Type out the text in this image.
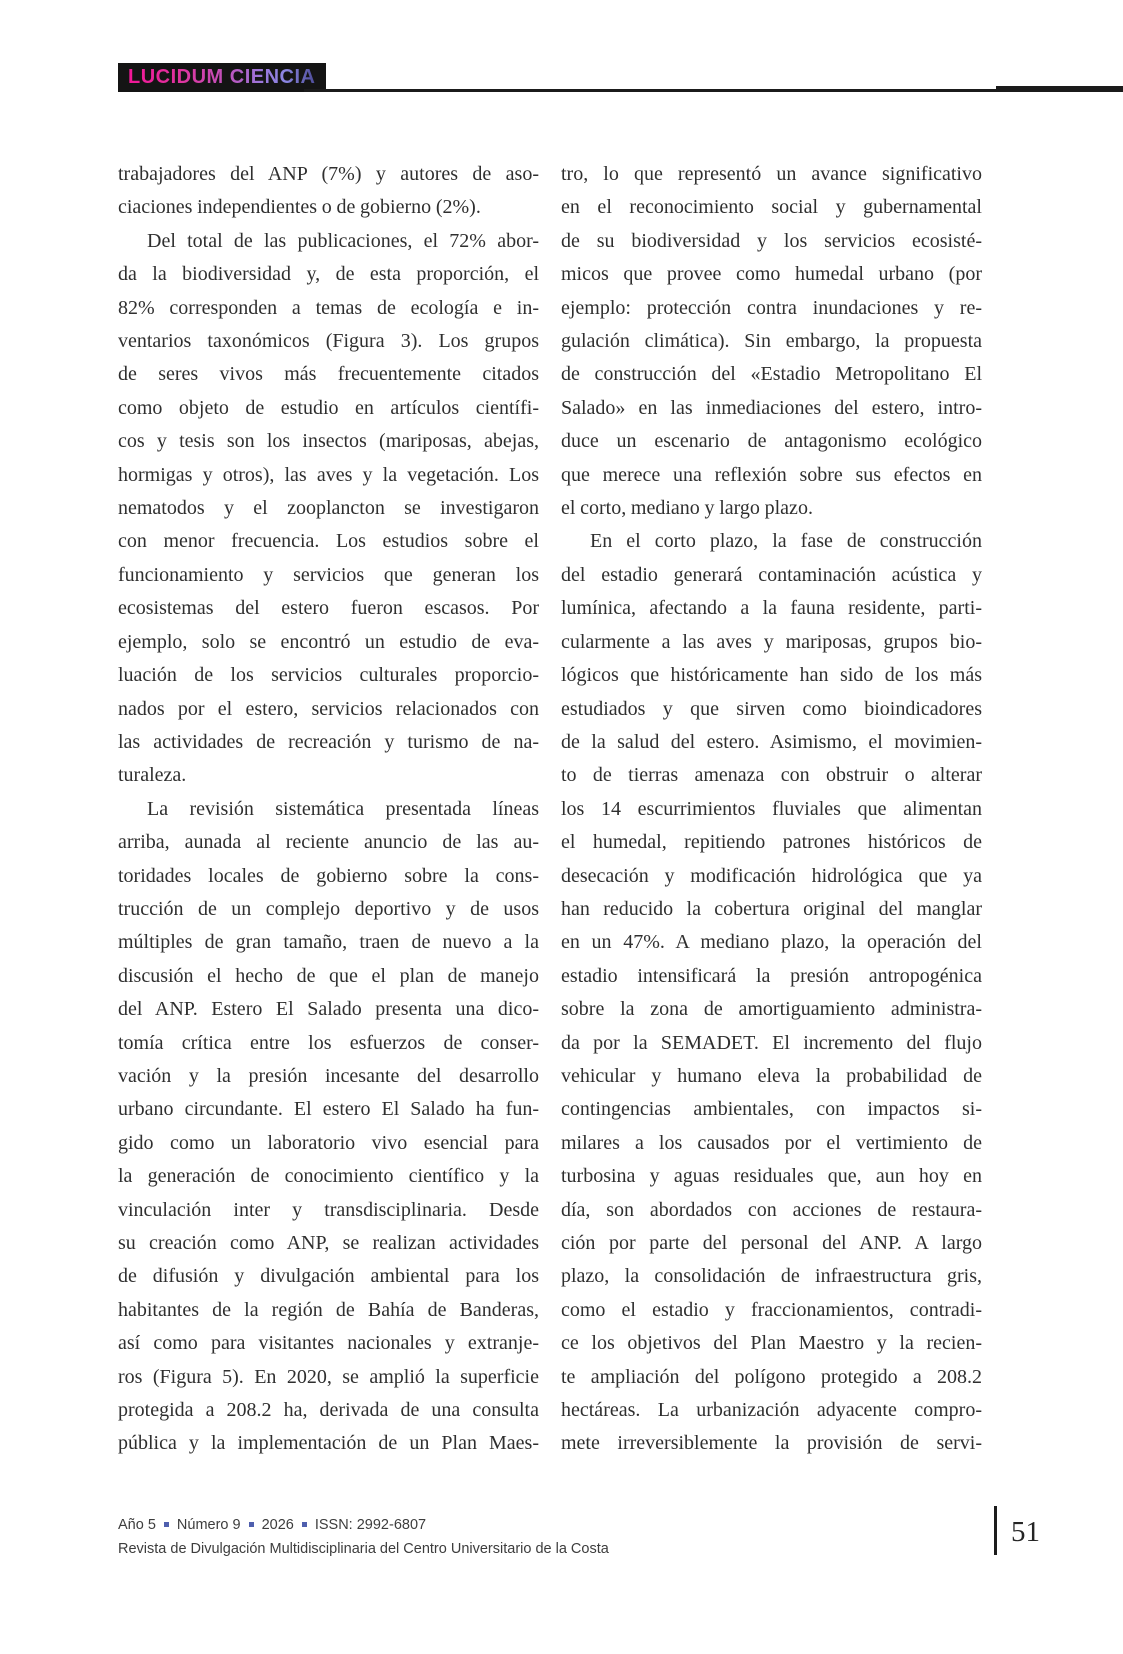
LUCIDUM CIENCIA
trabajadores del ANP (7%) y autores de aso-
ciaciones independientes o de gobierno (2%).
Del total de las publicaciones, el 72% abor-
da la biodiversidad y, de esta proporción, el
82% corresponden a temas de ecología e in-
ventarios taxonómicos (Figura 3). Los grupos
de seres vivos más frecuentemente citados
como objeto de estudio en artículos científi-
cos y tesis son los insectos (mariposas, abejas,
hormigas y otros), las aves y la vegetación. Los
nematodos y el zooplancton se investigaron
con menor frecuencia. Los estudios sobre el
funcionamiento y servicios que generan los
ecosistemas del estero fueron escasos. Por
ejemplo, solo se encontró un estudio de eva-
luación de los servicios culturales proporcio-
nados por el estero, servicios relacionados con
las actividades de recreación y turismo de na-
turaleza.
La revisión sistemática presentada líneas
arriba, aunada al reciente anuncio de las au-
toridades locales de gobierno sobre la cons-
trucción de un complejo deportivo y de usos
múltiples de gran tamaño, traen de nuevo a la
discusión el hecho de que el plan de manejo
del ANP. Estero El Salado presenta una dico-
tomía crítica entre los esfuerzos de conser-
vación y la presión incesante del desarrollo
urbano circundante. El estero El Salado ha fun-
gido como un laboratorio vivo esencial para
la generación de conocimiento científico y la
vinculación inter y transdisciplinaria. Desde
su creación como ANP, se realizan actividades
de difusión y divulgación ambiental para los
habitantes de la región de Bahía de Banderas,
así como para visitantes nacionales y extranje-
ros (Figura 5). En 2020, se amplió la superficie
protegida a 208.2 ha, derivada de una consulta
pública y la implementación de un Plan Maes-
tro, lo que representó un avance significativo
en el reconocimiento social y gubernamental
de su biodiversidad y los servicios ecosisté-
micos que provee como humedal urbano (por
ejemplo: protección contra inundaciones y re-
gulación climática). Sin embargo, la propuesta
de construcción del «Estadio Metropolitano El
Salado» en las inmediaciones del estero, intro-
duce un escenario de antagonismo ecológico
que merece una reflexión sobre sus efectos en
el corto, mediano y largo plazo.
En el corto plazo, la fase de construcción
del estadio generará contaminación acústica y
lumínica, afectando a la fauna residente, parti-
cularmente a las aves y mariposas, grupos bio-
lógicos que históricamente han sido de los más
estudiados y que sirven como bioindicadores
de la salud del estero. Asimismo, el movimien-
to de tierras amenaza con obstruir o alterar
los 14 escurrimientos fluviales que alimentan
el humedal, repitiendo patrones históricos de
desecación y modificación hidrológica que ya
han reducido la cobertura original del manglar
en un 47%. A mediano plazo, la operación del
estadio intensificará la presión antropogénica
sobre la zona de amortiguamiento administra-
da por la SEMADET. El incremento del flujo
vehicular y humano eleva la probabilidad de
contingencias ambientales, con impactos si-
milares a los causados por el vertimiento de
turbosina y aguas residuales que, aun hoy en
día, son abordados con acciones de restaura-
ción por parte del personal del ANP. A largo
plazo, la consolidación de infraestructura gris,
como el estadio y fraccionamientos, contradi-
ce los objetivos del Plan Maestro y la recien-
te ampliación del polígono protegido a 208.2
hectáreas. La urbanización adyacente compro-
mete irreversiblemente la provisión de servi-
Año 5 Número 9 2026 ISSN: 2992-6807
Revista de Divulgación Multidisciplinaria del Centro Universitario de la Costa
51
